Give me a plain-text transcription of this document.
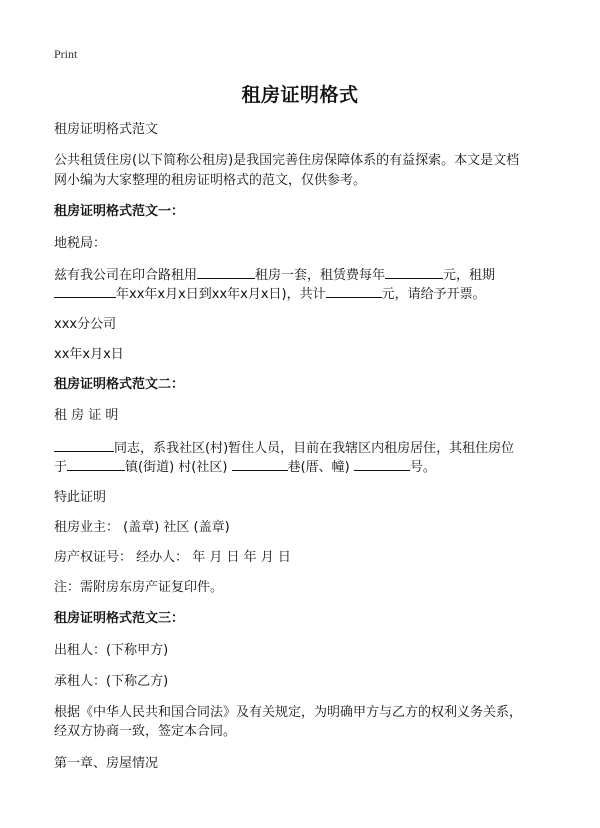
Print
租房证明格式
租房证明格式范文
公共租赁住房(以下简称公租房)是我国完善住房保障体系的有益探索。本文是文档
网小编为大家整理的租房证明格式的范文，仅供参考。
租房证明格式范文一：
地税局：
兹有我公司在印合路租用	租房一套，租赁费每年	元，租期
年xx年x月x日到xx年x月x日)，共计	元，请给予开票。
xxx分公司
xx年x月x日
租房证明格式范文二：
租 房 证 明
同志，系我社区(村)暂住人员，目前在我辖区内租房居住，其租住房位
于	镇(街道) 村(社区)	巷(厝、幢)	号。
特此证明
租房业主： (盖章) 社区 (盖章)
房产权证号： 经办人： 年 月 日 年 月 日
注：需附房东房产证复印件。
租房证明格式范文三：
出租人：(下称甲方)
承租人：(下称乙方)
根据《中华人民共和国合同法》及有关规定，为明确甲方与乙方的权利义务关系，
经双方协商一致，签定本合同。
第一章、房屋情况
